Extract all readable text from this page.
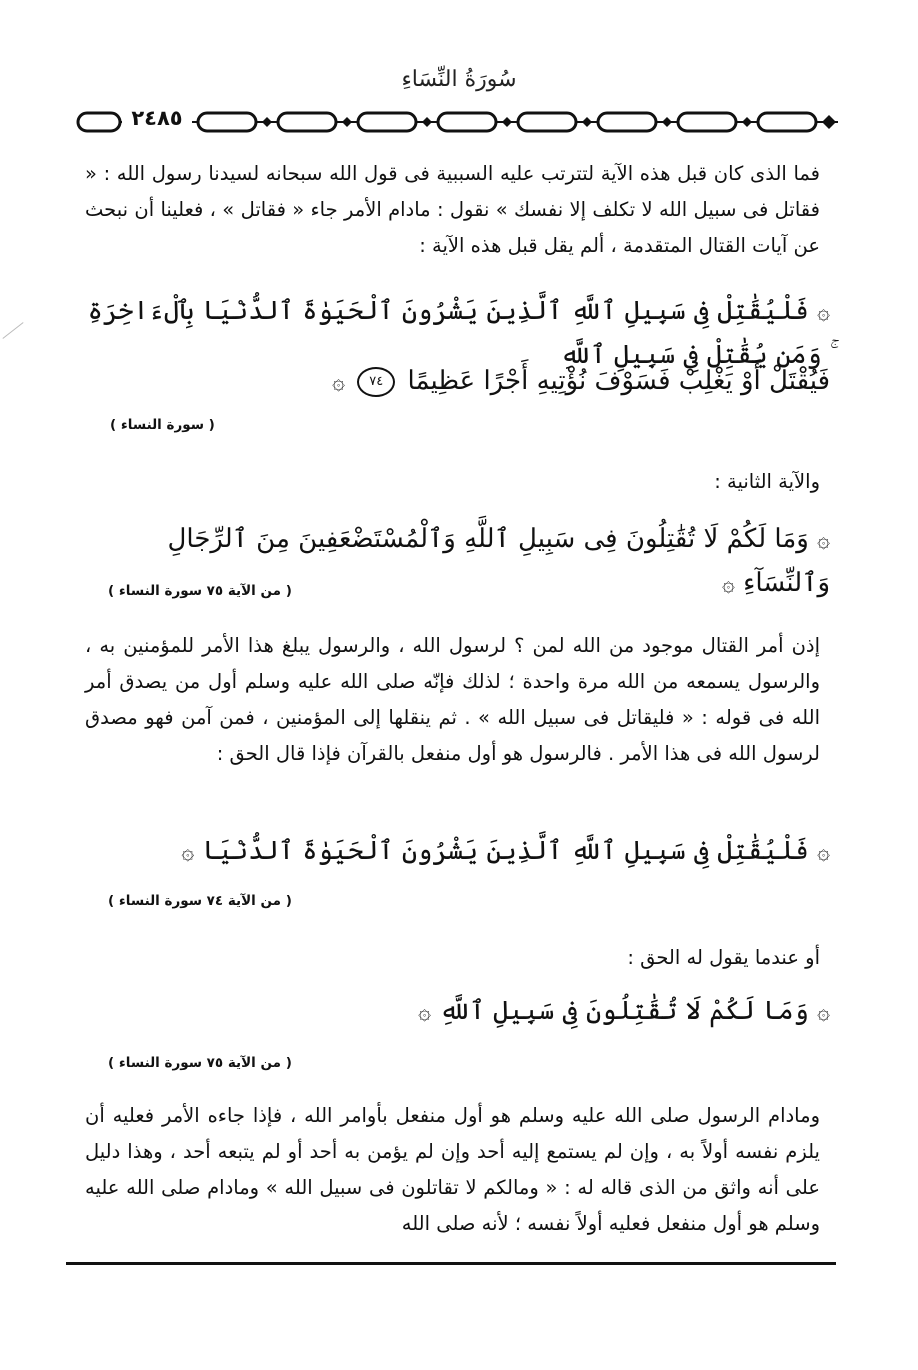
سُورَةُ النِّسَاءِ
٢٤٨٥
فما الذى كان قبل هذه الآية لتترتب عليه السببية فى قول الله سبحانه لسيدنا رسول الله : « فقاتل فى سبيل الله لا تكلف إلا نفسك » نقول : مادام الأمر جاء « فقاتل » ، فعلينا أن نبحث عن آيات القتال المتقدمة ، ألم يقل قبل هذه الآية :
۞ فَلْيُقَٰتِلْ فِى سَبِيلِ ٱللَّهِ ٱلَّذِينَ يَشْرُونَ ٱلْحَيَوٰةَ ٱلدُّنْيَا بِٱلْءَاخِرَةِ ۚ وَمَن يُقَٰتِلْ فِى سَبِيلِ ٱللَّهِ
فَيُقْتَلْ أَوْ يَغْلِبْ فَسَوْفَ نُؤْتِيهِ أَجْرًا عَظِيمًا ٧٤ ۞
( سورة النساء )
والآية الثانية :
۞ وَمَا لَكُمْ لَا تُقَٰتِلُونَ فِى سَبِيلِ ٱللَّهِ وَٱلْمُسْتَضْعَفِينَ مِنَ ٱلرِّجَالِ وَٱلنِّسَآءِ ۞
( من الآية ٧٥ سورة النساء )
إذن أمر القتال موجود من الله لمن ؟ لرسول الله ، والرسول يبلغ هذا الأمر للمؤمنين به ، والرسول يسمعه من الله مرة واحدة ؛ لذلك فإنّه صلى الله عليه وسلم أول من يصدق أمر الله فى قوله : « فليقاتل فى سبيل الله » . ثم ينقلها إلى المؤمنين ، فمن آمن فهو مصدق لرسول الله فى هذا الأمر . فالرسول هو أول منفعل بالقرآن فإذا قال الحق :
۞ فَلْيُقَٰتِلْ فِى سَبِيلِ ٱللَّهِ ٱلَّذِينَ يَشْرُونَ ٱلْحَيَوٰةَ ٱلدُّنْيَا ۞
( من الآية ٧٤ سورة النساء )
أو عندما يقول له الحق :
۞ وَمَا لَكُمْ لَا تُقَٰتِلُونَ فِى سَبِيلِ ٱللَّهِ ۞
( من الآية ٧٥ سورة النساء )
ومادام الرسول صلى الله عليه وسلم هو أول منفعل بأوامر الله ، فإذا جاءه الأمر فعليه أن يلزم نفسه أولاً به ، وإن لم يستمع إليه أحد وإن لم يؤمن به أحد أو لم يتبعه أحد ، وهذا دليل على أنه واثق من الذى قاله له : « ومالكم لا تقاتلون فى سبيل الله » ومادام صلى الله عليه وسلم هو أول منفعل فعليه أولاً نفسه ؛ لأنه صلى الله
